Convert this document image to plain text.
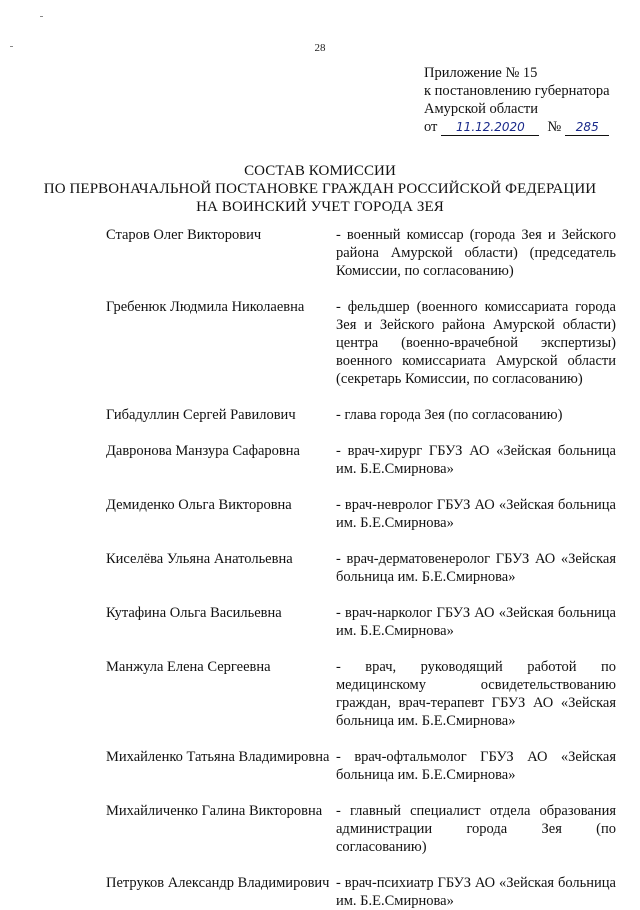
28
Приложение № 15
к постановлению губернатора
Амурской области
от	11.12.2020	№	285
СОСТАВ КОМИССИИ
ПО ПЕРВОНАЧАЛЬНОЙ ПОСТАНОВКЕ ГРАЖДАН РОССИЙСКОЙ ФЕДЕРАЦИИ
НА ВОИНСКИЙ УЧЕТ ГОРОДА ЗЕЯ
Старов Олег Викторович	- военный комиссар (города Зея и Зейского района Амурской области) (председатель Комиссии, по согласованию)
Гребенюк Людмила Николаевна	- фельдшер (военного комиссариата города Зея и Зейского района Амурской области) центра (военно-врачебной экспертизы) военного комиссариата Амурской области (секретарь Комиссии, по согласованию)
Гибадуллин Сергей Равилович	- глава города Зея (по согласованию)
Давронова Манзура Сафаровна	- врач-хирург ГБУЗ АО «Зейская больница им. Б.Е.Смирнова»
Демиденко Ольга Викторовна	- врач-невролог ГБУЗ АО «Зейская больница им. Б.Е.Смирнова»
Киселёва Ульяна Анатольевна	- врач-дерматовенеролог ГБУЗ АО «Зейская больница им. Б.Е.Смирнова»
Кутафина Ольга Васильевна	- врач-нарколог ГБУЗ АО «Зейская больница им. Б.Е.Смирнова»
Манжула Елена Сергеевна	- врач, руководящий работой по медицинскому освидетельствованию граждан, врач-терапевт ГБУЗ АО «Зейская больница им. Б.Е.Смирнова»
Михайленко Татьяна Владимировна - врач-офтальмолог ГБУЗ АО «Зейская больница им. Б.Е.Смирнова»
Михайличенко Галина Викторовна - главный специалист отдела образования администрации города Зея (по согласованию)
Петруков Александр Владимирович - врач-психиатр ГБУЗ АО «Зейская больница им. Б.Е.Смирнова»
